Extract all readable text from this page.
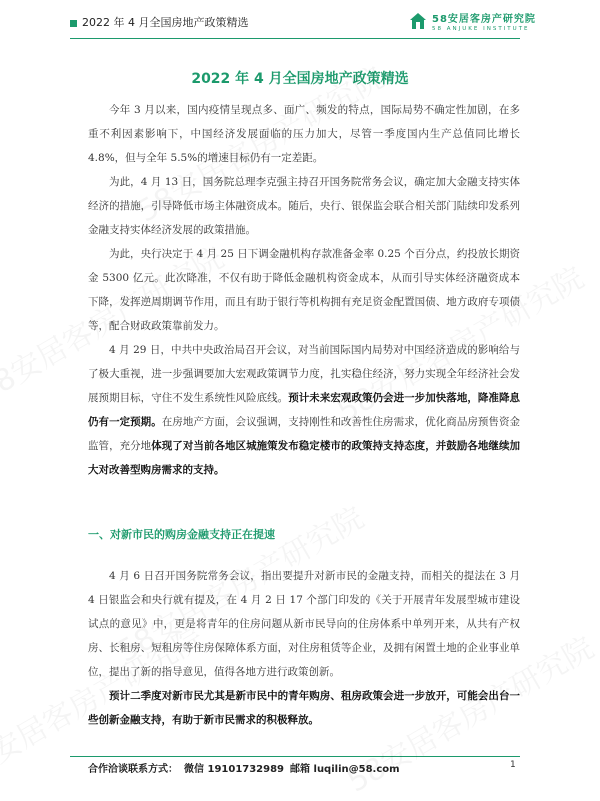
2022 年 4 月全国房地产政策精选	58安居客房产研究院
58 ANJUKE INSTITUTE
2022 年 4 月全国房地产政策精选

今年 3 月以来，国内疫情呈现点多、面广、频发的特点，国际局势不确定性加剧，在多重不利因素影响下，中国经济发展面临的压力加大，尽管一季度国内生产总值同比增长 4.8%，但与全年 5.5%的增速目标仍有一定差距。

为此，4 月 13 日，国务院总理李克强主持召开国务院常务会议，确定加大金融支持实体经济的措施，引导降低市场主体融资成本。随后，央行、银保监会联合相关部门陆续印发系列金融支持实体经济发展的政策措施。

为此，央行决定于 4 月 25 日下调金融机构存款准备金率 0.25 个百分点，约投放长期资金 5300 亿元。此次降准，不仅有助于降低金融机构资金成本，从而引导实体经济融资成本下降，发挥逆周期调节作用，而且有助于银行等机构拥有充足资金配置国债、地方政府专项债等，配合财政政策靠前发力。

4 月 29 日，中共中央政治局召开会议，对当前国际国内局势对中国经济造成的影响给与了极大重视，进一步强调要加大宏观政策调节力度，扎实稳住经济，努力实现全年经济社会发展预期目标，守住不发生系统性风险底线。预计未来宏观政策仍会进一步加快落地，降准降息仍有一定预期。在房地产方面，会议强调，支持刚性和改善性住房需求，优化商品房预售资金监管，充分地体现了对当前各地区城施策发布稳定楼市的政策持支持态度，并鼓励各地继续加大对改善型购房需求的支持。

一、对新市民的购房金融支持正在提速

4 月 6 日召开国务院常务会议，指出要提升对新市民的金融支持，而相关的提法在 3 月 4 日银监会和央行就有提及，在 4 月 2 日 17 个部门印发的《关于开展青年发展型城市建设试点的意见》中，更是将青年的住房问题从新市民导向的住房体系中单列开来，从共有产权房、长租房、短租房等住房保障体系方面，对住房租赁等企业，及拥有闲置土地的企业事业单位，提出了新的指导意见，值得各地方进行政策创新。

预计二季度对新市民尤其是新市民中的青年购房、租房政策会进一步放开，可能会出台一些创新金融支持，有助于新市民需求的积极释放。

合作洽谈联系方式： 微信 19101732989 邮箱 luqilin@58.com	1
